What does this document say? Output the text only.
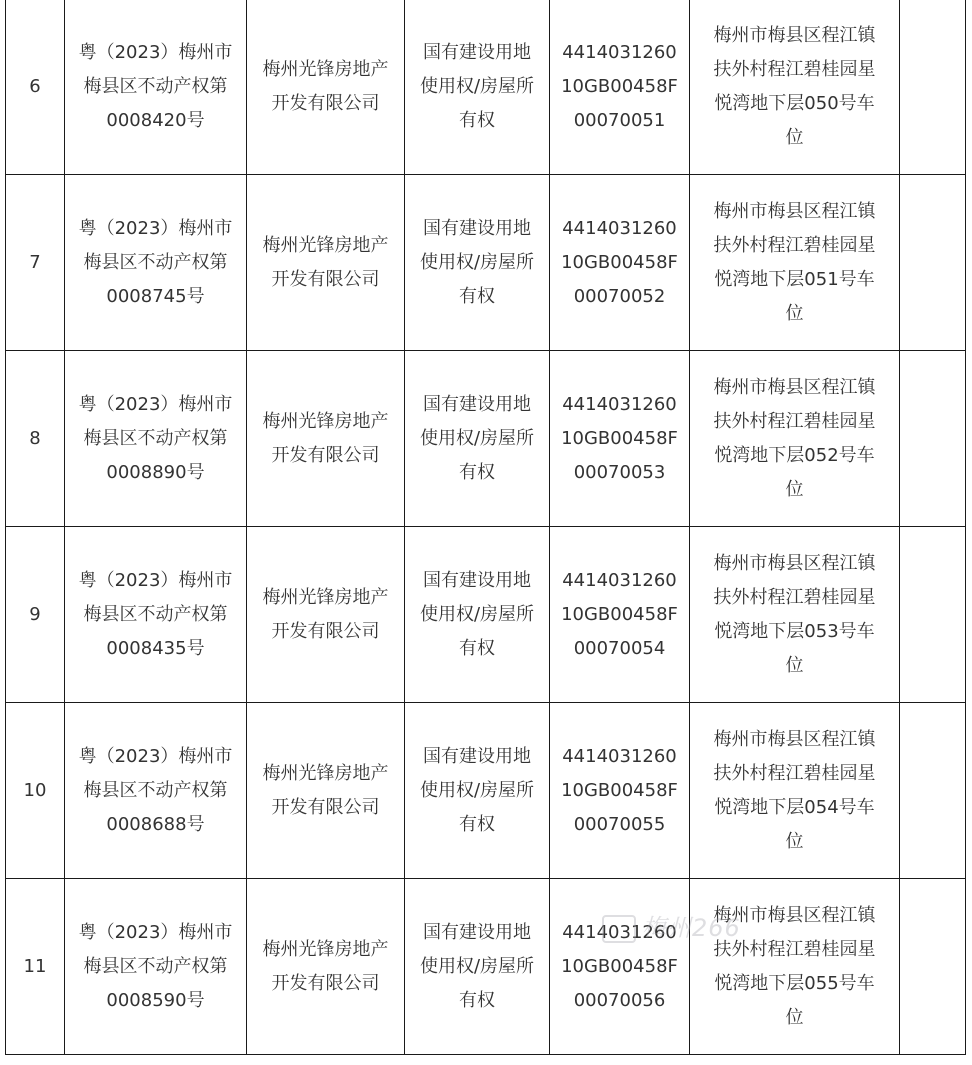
6	粤（2023）梅州市
梅县区不动产权第
0008420号	梅州光锋房地产
开发有限公司	国有建设用地
使用权/房屋所
有权	4414031260
10GB00458F
00070051	梅州市梅县区程江镇
扶外村程江碧桂园星
悦湾地下层050号车
位	
7	粤（2023）梅州市
梅县区不动产权第
0008745号	梅州光锋房地产
开发有限公司	国有建设用地
使用权/房屋所
有权	4414031260
10GB00458F
00070052	梅州市梅县区程江镇
扶外村程江碧桂园星
悦湾地下层051号车
位	
8	粤（2023）梅州市
梅县区不动产权第
0008890号	梅州光锋房地产
开发有限公司	国有建设用地
使用权/房屋所
有权	4414031260
10GB00458F
00070053	梅州市梅县区程江镇
扶外村程江碧桂园星
悦湾地下层052号车
位	
9	粤（2023）梅州市
梅县区不动产权第
0008435号	梅州光锋房地产
开发有限公司	国有建设用地
使用权/房屋所
有权	4414031260
10GB00458F
00070054	梅州市梅县区程江镇
扶外村程江碧桂园星
悦湾地下层053号车
位	
10	粤（2023）梅州市
梅县区不动产权第
0008688号	梅州光锋房地产
开发有限公司	国有建设用地
使用权/房屋所
有权	4414031260
10GB00458F
00070055	梅州市梅县区程江镇
扶外村程江碧桂园星
悦湾地下层054号车
位	
11	粤（2023）梅州市
梅县区不动产权第
0008590号	梅州光锋房地产
开发有限公司	国有建设用地
使用权/房屋所
有权	4414031260
10GB00458F
00070056	梅州市梅县区程江镇
扶外村程江碧桂园星
悦湾地下层055号车
位	
梅州266
